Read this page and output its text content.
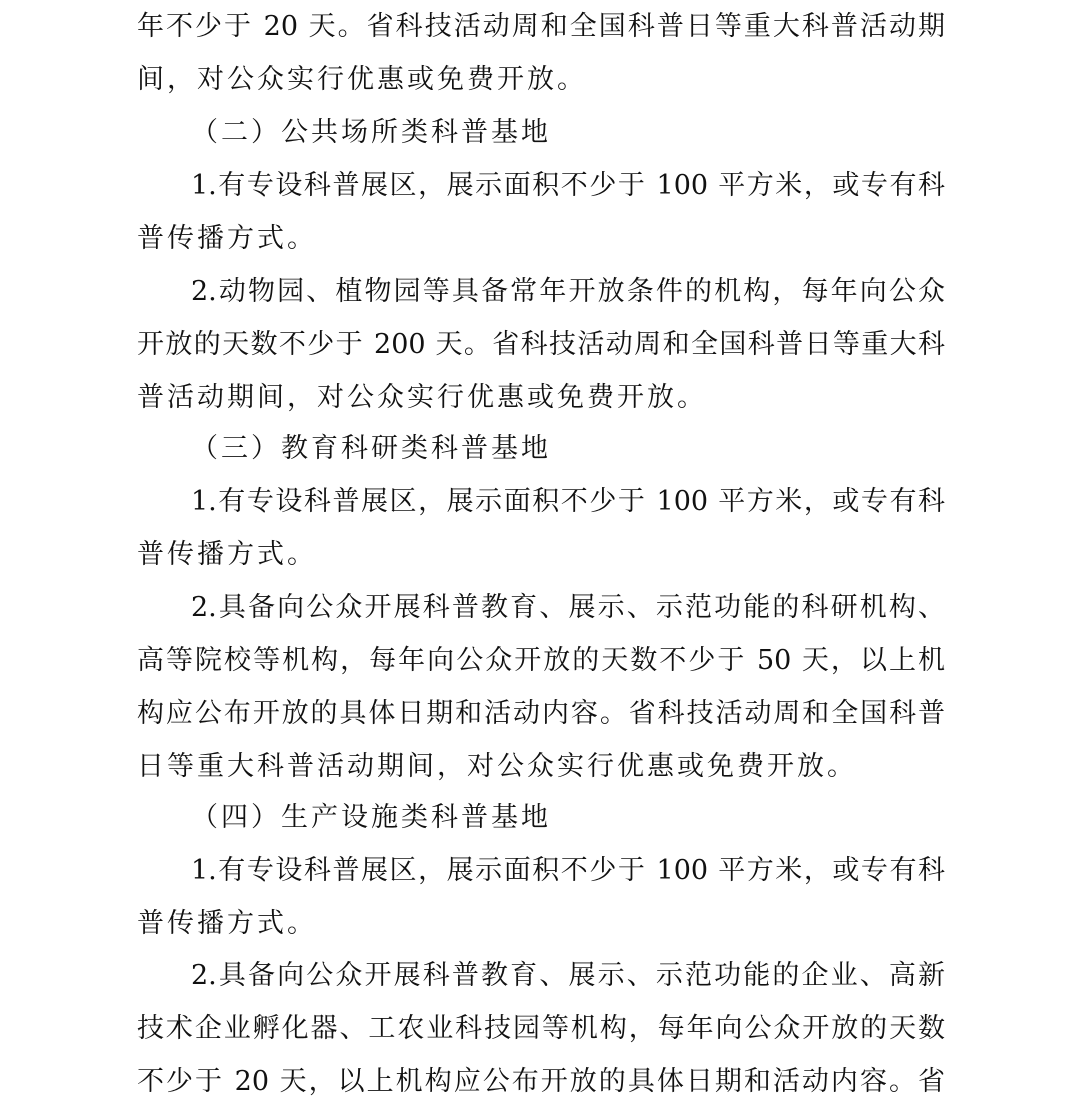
年不少于 20 天。省科技活动周和全国科普日等重大科普活动期
间，对公众实行优惠或免费开放。
（二）公共场所类科普基地
1.有专设科普展区，展示面积不少于 100 平方米，或专有科
普传播方式。
2.动物园、植物园等具备常年开放条件的机构，每年向公众
开放的天数不少于 200 天。省科技活动周和全国科普日等重大科
普活动期间，对公众实行优惠或免费开放。
（三）教育科研类科普基地
1.有专设科普展区，展示面积不少于 100 平方米，或专有科
普传播方式。
2.具备向公众开展科普教育、展示、示范功能的科研机构、
高等院校等机构，每年向公众开放的天数不少于 50 天，以上机
构应公布开放的具体日期和活动内容。省科技活动周和全国科普
日等重大科普活动期间，对公众实行优惠或免费开放。
（四）生产设施类科普基地
1.有专设科普展区，展示面积不少于 100 平方米，或专有科
普传播方式。
2.具备向公众开展科普教育、展示、示范功能的企业、高新
技术企业孵化器、工农业科技园等机构，每年向公众开放的天数
不少于 20 天，以上机构应公布开放的具体日期和活动内容。省
